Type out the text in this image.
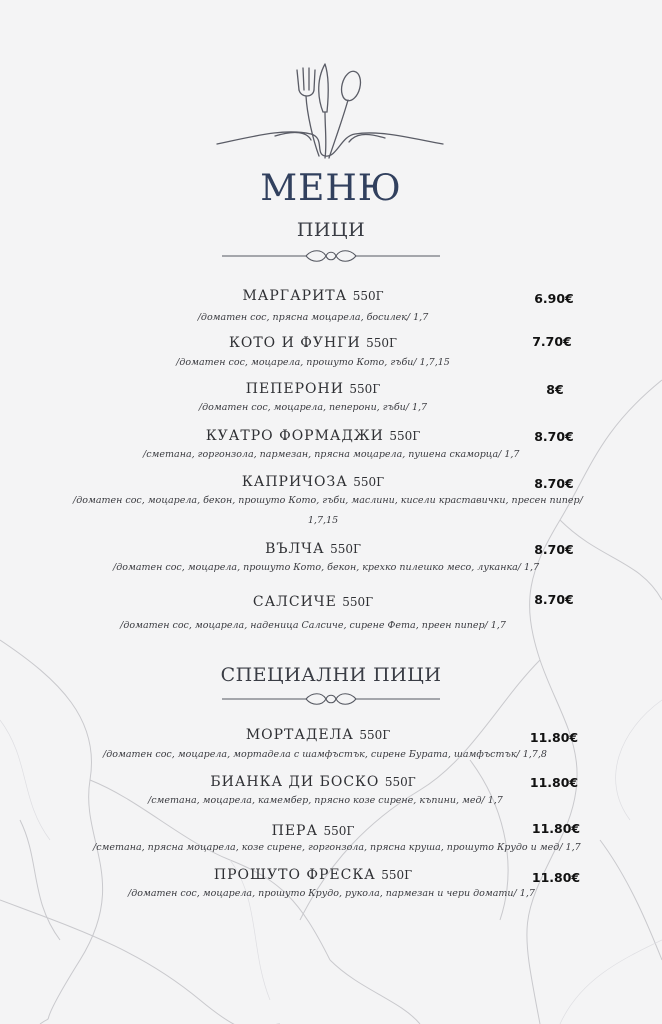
МЕНЮ
ПИЦИ
МАРГАРИТА 550Г	6.90€
/доматен сос, прясна моцарела, босилек/ 1,7
КОТО И ФУНГИ 550Г	7.70€
/доматен сос, моцарела, прошуто Кото, гъби/ 1,7,15
ПЕПЕРОНИ 550Г	8€
/доматен сос, моцарела, пеперони, гъби/ 1,7
КУАТРО ФОРМАДЖИ 550Г	8.70€
/сметана, горгонзола, пармезан, прясна моцарела, пушена скаморца/ 1,7
КАПРИЧОЗА 550Г	8.70€
/доматен сос, моцарела, бекон, прошуто Кото, гъби, маслини, кисели краставички, пресен пипер/
1,7,15
ВЪЛЧА 550Г	8.70€
/доматен сос, моцарела, прошуто Кото, бекон, крехко пилешко месо, луканка/ 1,7
САЛСИЧЕ 550Г	8.70€
/доматен сос, моцарела, наденица Салсиче, сирене Фета, преен пипер/ 1,7
СПЕЦИАЛНИ ПИЦИ
МОРТАДЕЛА 550Г	11.80€
/доматен сос, моцарела, мортадела с шамфъстък, сирене Бурата, шамфъстък/ 1,7,8
БИАНКА ДИ БОСКО 550Г	11.80€
/сметана, моцарела, камембер, прясно козе сирене, къпини, мед/ 1,7
ПЕРА 550Г	11.80€
/сметана, прясна моцарела, козе сирене, горгонзола, прясна круша, прошуто Крудо и мед/ 1,7
ПРОШУТО ФРЕСКА 550Г	11.80€
/доматен сос, моцарела, прошуто Крудо, рукола, пармезан и чери домати/ 1,7
